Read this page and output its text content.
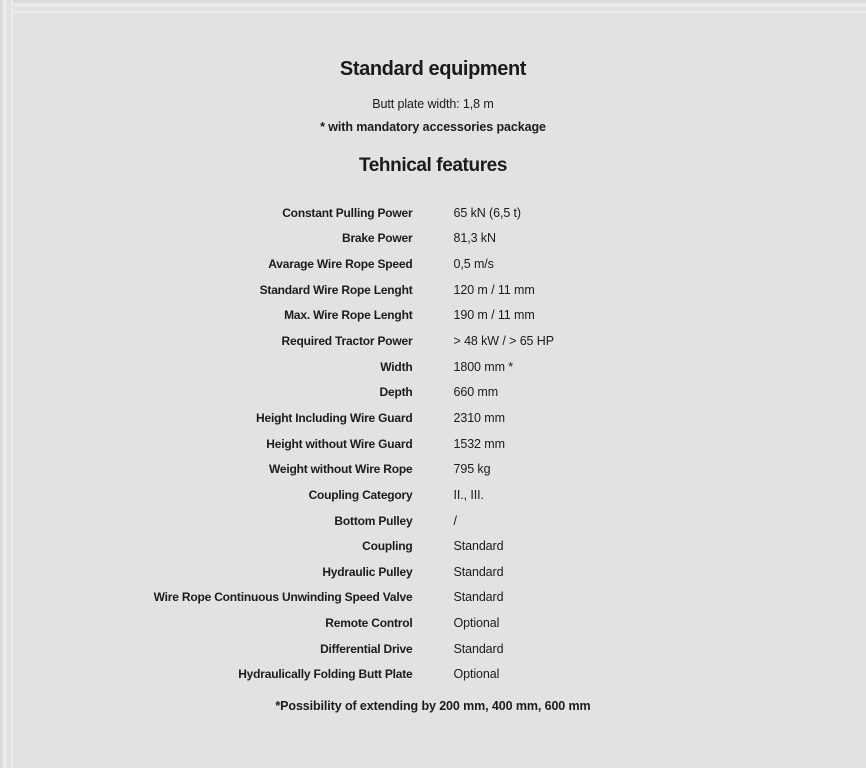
Standard equipment
Butt plate width: 1,8 m
* with mandatory accessories package
Tehnical features
Constant Pulling Power	65 kN (6,5 t)
Brake Power	81,3 kN
Avarage Wire Rope Speed	0,5 m/s
Standard Wire Rope Lenght	120 m / 11 mm
Max. Wire Rope Lenght	190 m / 11 mm
Required Tractor Power	> 48 kW / > 65 HP
Width	1800 mm *
Depth	660 mm
Height Including Wire Guard	2310 mm
Height without Wire Guard	1532 mm
Weight without Wire Rope	795 kg
Coupling Category	II., III.
Bottom Pulley	/
Coupling	Standard
Hydraulic Pulley	Standard
Wire Rope Continuous Unwinding Speed Valve	Standard
Remote Control	Optional
Differential Drive	Standard
Hydraulically Folding Butt Plate	Optional
*Possibility of extending by 200 mm, 400 mm, 600 mm
